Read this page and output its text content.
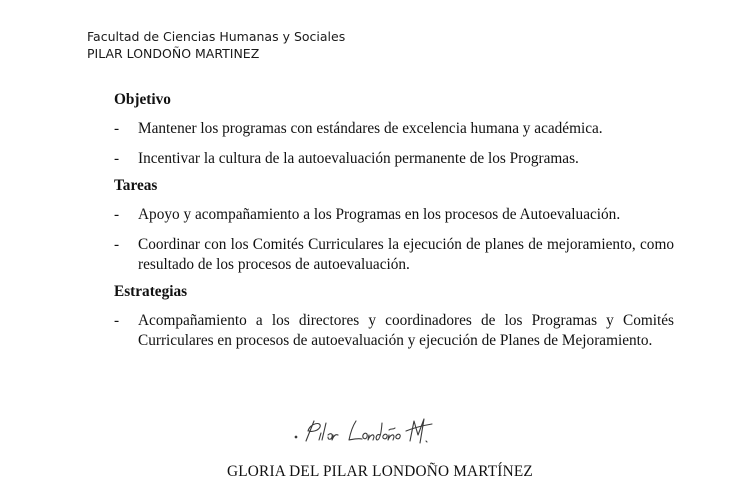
Facultad de Ciencias Humanas y Sociales
PILAR LONDOÑO MARTINEZ
Objetivo
-	Mantener los programas con estándares de excelencia humana y académica.
-	Incentivar la cultura de la autoevaluación permanente de los Programas.
Tareas
-	Apoyo y acompañamiento a los Programas en los procesos de Autoevaluación.
-	Coordinar con los Comités Curriculares la ejecución de planes de mejoramiento, como resultado de los procesos de autoevaluación.
Estrategias
-	Acompañamiento a los directores y coordinadores de los Programas y Comités Curriculares en procesos de autoevaluación y ejecución de Planes de Mejoramiento.
GLORIA DEL PILAR LONDOÑO MARTÍNEZ
